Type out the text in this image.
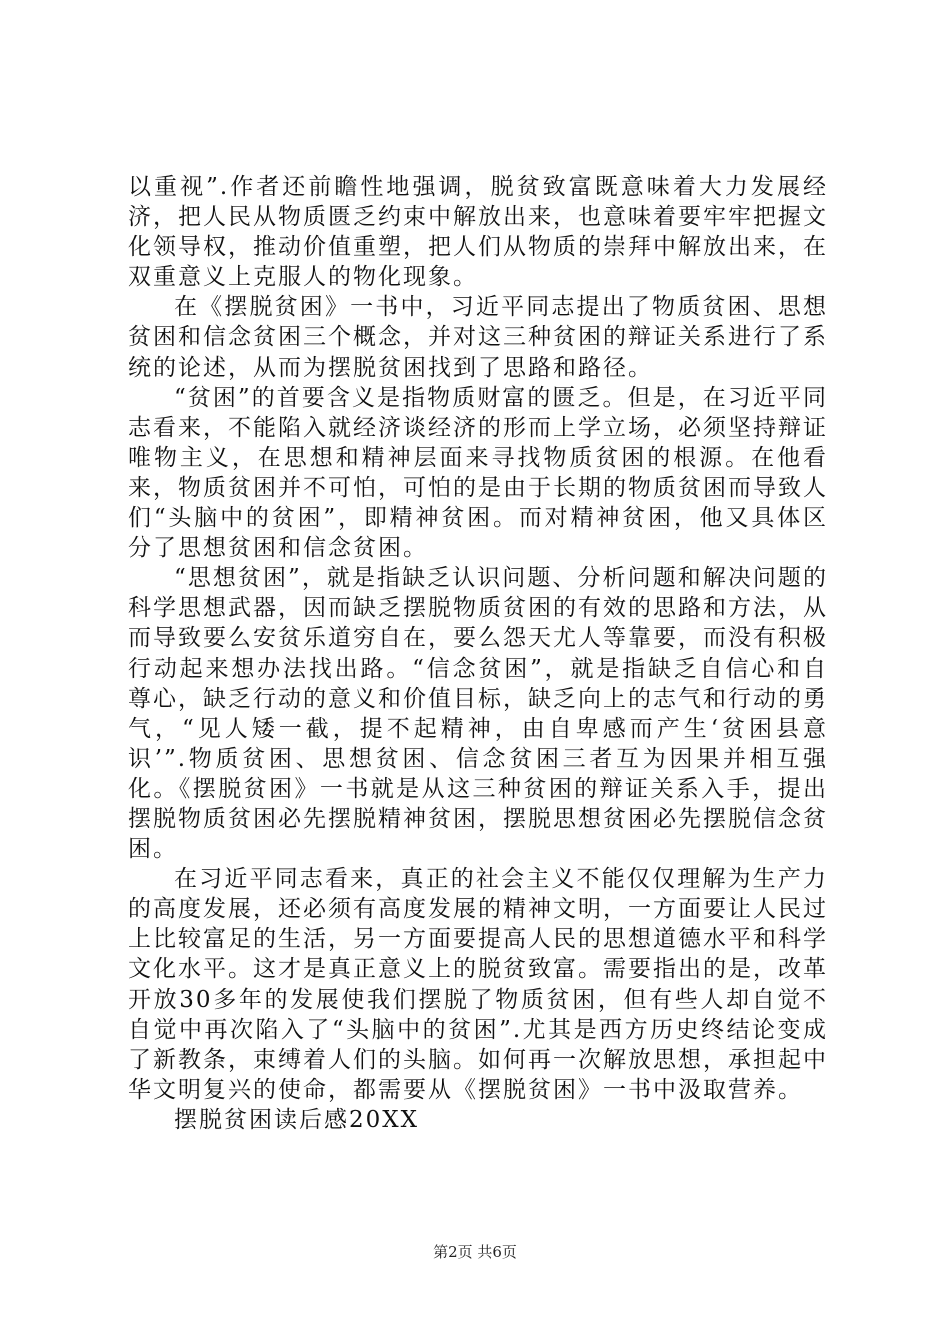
以重视”.作者还前瞻性地强调，脱贫致富既意味着大力发展经济，把人民从物质匮乏约束中解放出来，也意味着要牢牢把握文化领导权，推动价值重塑，把人们从物质的崇拜中解放出来，在双重意义上克服人的物化现象。

在《摆脱贫困》一书中，习近平同志提出了物质贫困、思想贫困和信念贫困三个概念，并对这三种贫困的辩证关系进行了系统的论述，从而为摆脱贫困找到了思路和路径。

“贫困”的首要含义是指物质财富的匮乏。但是，在习近平同志看来，不能陷入就经济谈经济的形而上学立场，必须坚持辩证唯物主义，在思想和精神层面来寻找物质贫困的根源。在他看来，物质贫困并不可怕，可怕的是由于长期的物质贫困而导致人们“头脑中的贫困”，即精神贫困。而对精神贫困，他又具体区分了思想贫困和信念贫困。

“思想贫困”，就是指缺乏认识问题、分析问题和解决问题的科学思想武器，因而缺乏摆脱物质贫困的有效的思路和方法，从而导致要么安贫乐道穷自在，要么怨天尤人等靠要，而没有积极行动起来想办法找出路。“信念贫困”，就是指缺乏自信心和自尊心，缺乏行动的意义和价值目标，缺乏向上的志气和行动的勇气，“见人矮一截，提不起精神，由自卑感而产生‘贫困县意识’”.物质贫困、思想贫困、信念贫困三者互为因果并相互强化。《摆脱贫困》一书就是从这三种贫困的辩证关系入手，提出摆脱物质贫困必先摆脱精神贫困，摆脱思想贫困必先摆脱信念贫困。

在习近平同志看来，真正的社会主义不能仅仅理解为生产力的高度发展，还必须有高度发展的精神文明，一方面要让人民过上比较富足的生活，另一方面要提高人民的思想道德水平和科学文化水平。这才是真正意义上的脱贫致富。需要指出的是，改革开放30多年的发展使我们摆脱了物质贫困，但有些人却自觉不自觉中再次陷入了“头脑中的贫困”.尤其是西方历史终结论变成了新教条，束缚着人们的头脑。如何再一次解放思想，承担起中华文明复兴的使命，都需要从《摆脱贫困》一书中汲取营养。

摆脱贫困读后感20XX

第2页 共6页
